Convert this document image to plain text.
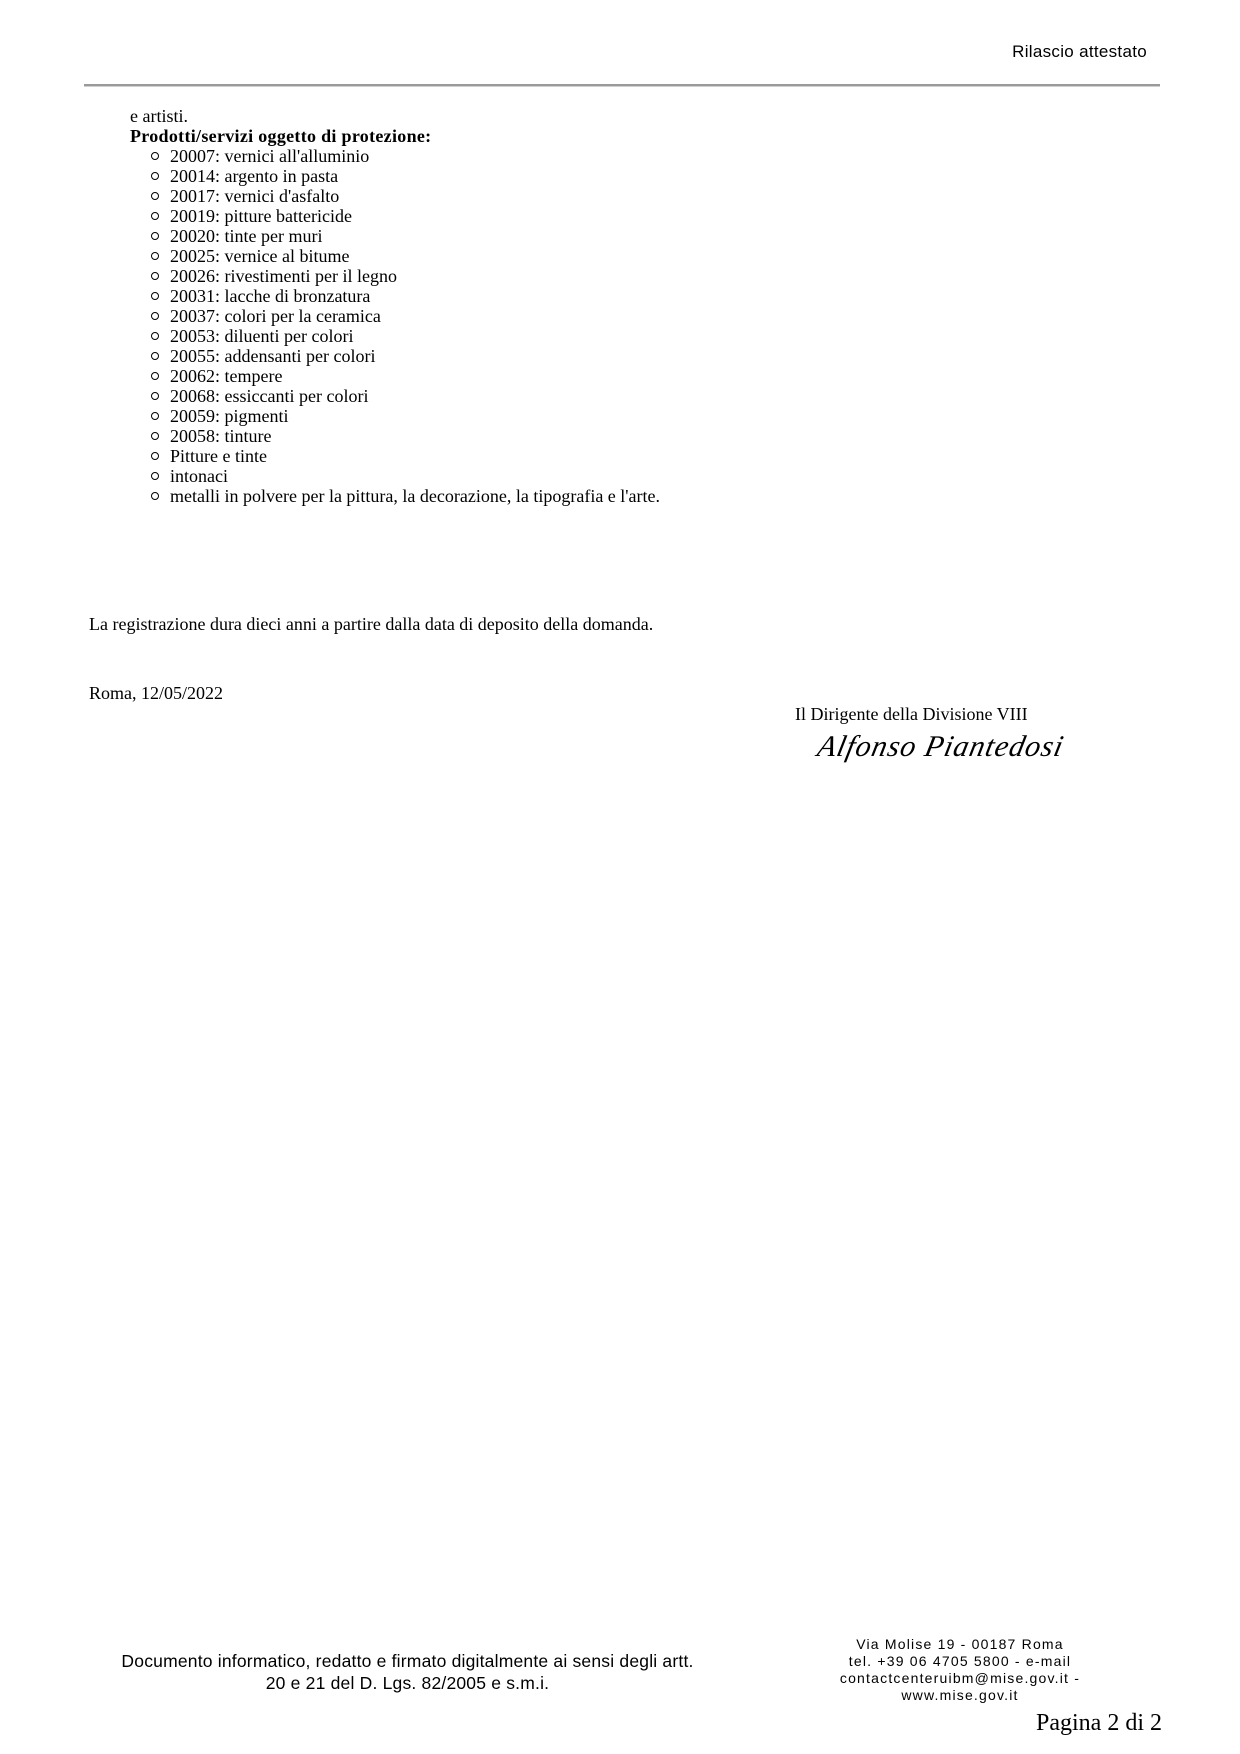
Rilascio attestato

e artisti.

Prodotti/servizi oggetto di protezione:

20007: vernici all'alluminio
20014: argento in pasta
20017: vernici d'asfalto
20019: pitture battericide
20020: tinte per muri
20025: vernice al bitume
20026: rivestimenti per il legno
20031: lacche di bronzatura
20037: colori per la ceramica
20053: diluenti per colori
20055: addensanti per colori
20062: tempere
20068: essiccanti per colori
20059: pigmenti
20058: tinture
Pitture e tinte
intonaci
metalli in polvere per la pittura, la decorazione, la tipografia e l'arte.
La registrazione dura dieci anni a partire dalla data di deposito della domanda.
Roma, 12/05/2022
Il Dirigente della Divisione VIII
Alfonso Piantedosi
Documento informatico, redatto e firmato digitalmente ai sensi degli artt.
20 e 21 del D. Lgs. 82/2005 e s.m.i.
Via Molise 19 - 00187 Roma
tel. +39 06 4705 5800 - e-mail
contactcenteruibm@mise.gov.it -
www.mise.gov.it
Pagina 2 di 2
